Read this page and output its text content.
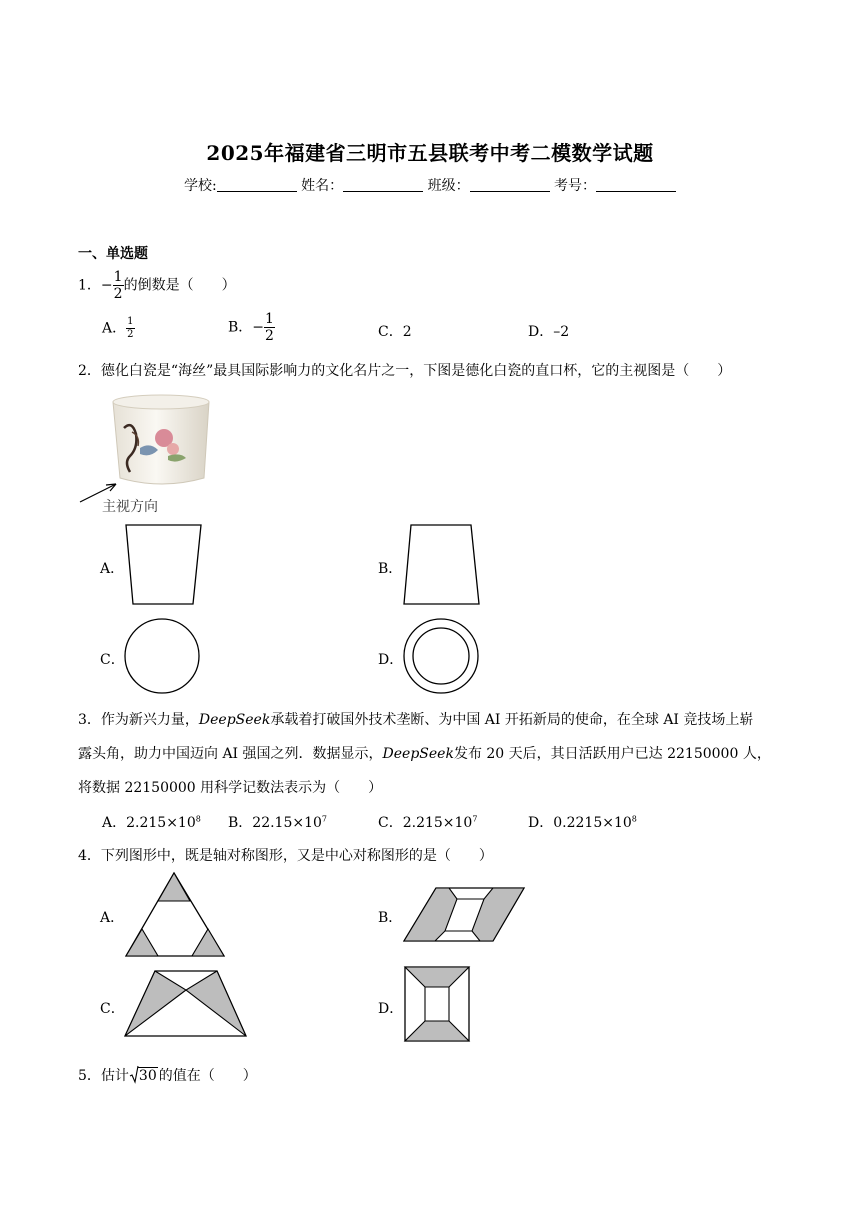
2025年福建省三明市五县联考中考二模数学试题
学校:	姓名：	班级：	考号：
一、单选题
1．− $\frac{1}{2}$ 的倒数是（　　）
A． $\frac{1}{2}$	B．− $\frac{1}{2}$	C．2	D．–2
2．德化白瓷是“海丝”最具国际影响力的文化名片之一，下图是德化白瓷的直口杯，它的主视图是（　　）
主视方向
A．	B．
C．	D．
3．作为新兴力量，DeepSeek承载着打破国外技术垄断、为中国 AI 开拓新局的使命，在全球 AI 竞技场上崭
露头角，助力中国迈向 AI 强国之列．数据显示，DeepSeek发布 20 天后，其日活跃用户已达 22150000 人，
将数据 22150000 用科学记数法表示为（　　）
A．$2.215\times 10^8$ B．$22.15\times 10^7$	C．$2.215\times 10^7$	D．$0.2215\times 10^8$
4．下列图形中，既是轴对称图形，又是中心对称图形的是（　　）
A．	B．
C．	D．
5．估计 30 的值在（　　）
